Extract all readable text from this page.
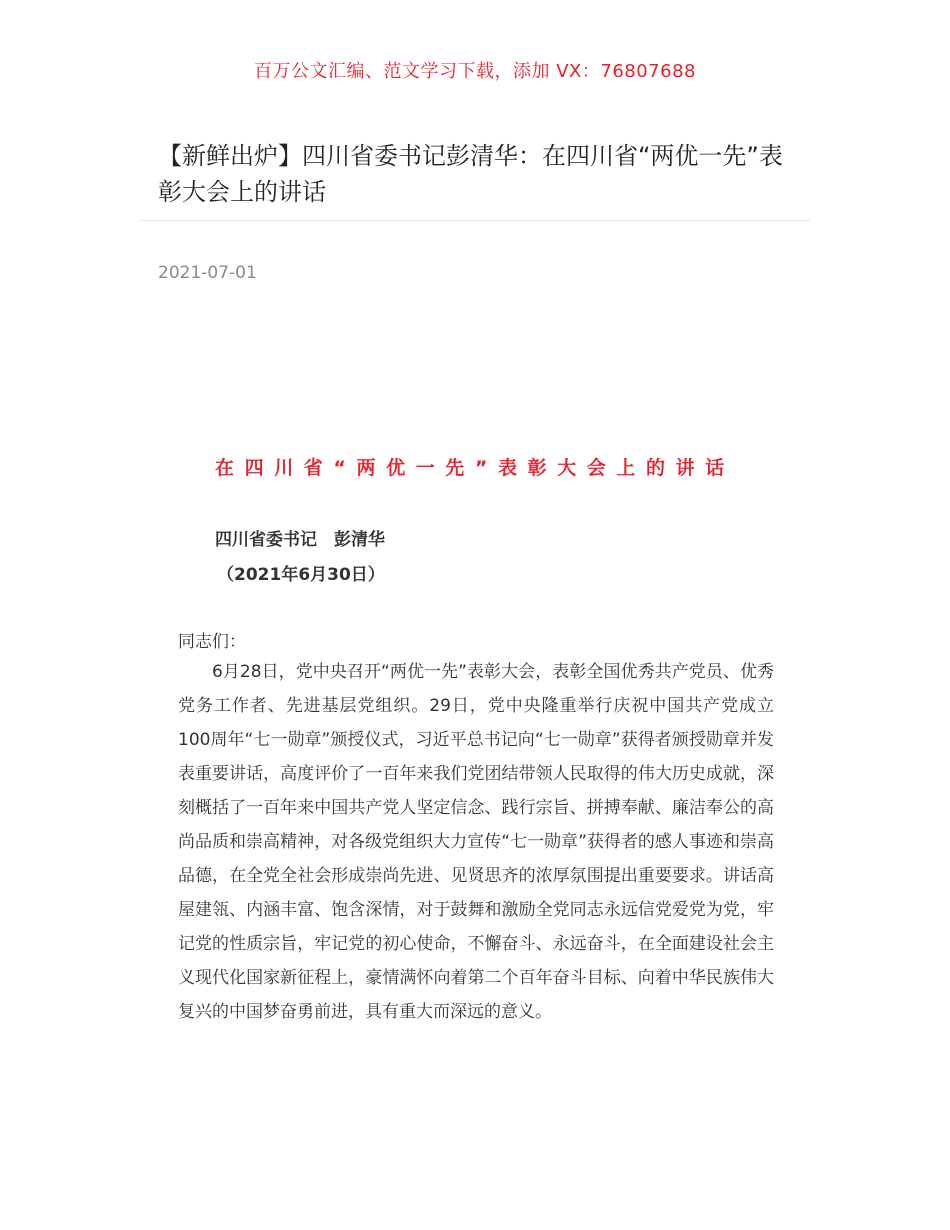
百万公文汇编、范文学习下载，添加 VX：76807688
【新鲜出炉】四川省委书记彭清华：在四川省“两优一先”表彰大会上的讲话
2021-07-01
在四川省“两优一先”表彰大会上的讲话
四川省委书记　彭清华
（2021年6月30日）
同志们：

6月28日，党中央召开“两优一先”表彰大会，表彰全国优秀共产党员、优秀党务工作者、先进基层党组织。29日，党中央隆重举行庆祝中国共产党成立100周年“七一勋章”颁授仪式，习近平总书记向“七一勋章”获得者颁授勋章并发表重要讲话，高度评价了一百年来我们党团结带领人民取得的伟大历史成就，深刻概括了一百年来中国共产党人坚定信念、践行宗旨、拼搏奉献、廉洁奉公的高尚品质和崇高精神，对各级党组织大力宣传“七一勋章”获得者的感人事迹和崇高品德，在全党全社会形成崇尚先进、见贤思齐的浓厚氛围提出重要要求。讲话高屋建瓴、内涵丰富、饱含深情，对于鼓舞和激励全党同志永远信党爱党为党，牢记党的性质宗旨，牢记党的初心使命，不懈奋斗、永远奋斗，在全面建设社会主义现代化国家新征程上，豪情满怀向着第二个百年奋斗目标、向着中华民族伟大复兴的中国梦奋勇前进，具有重大而深远的意义。
